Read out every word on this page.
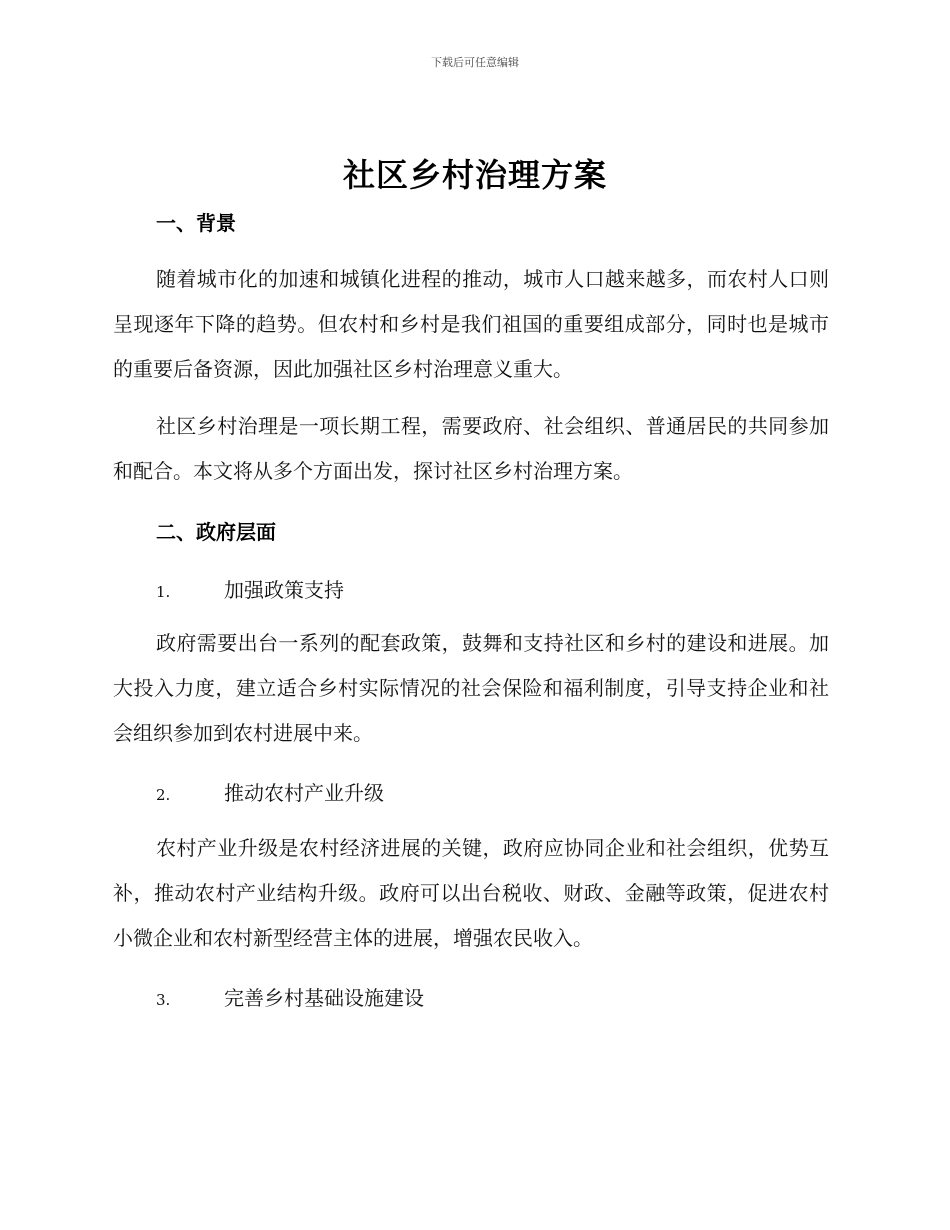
下载后可任意编辑
社区乡村治理方案
一、背景

随着城市化的加速和城镇化进程的推动，城市人口越来越多，而农村人口则呈现逐年下降的趋势。但农村和乡村是我们祖国的重要组成部分，同时也是城市的重要后备资源，因此加强社区乡村治理意义重大。

社区乡村治理是一项长期工程，需要政府、社会组织、普通居民的共同参加和配合。本文将从多个方面出发，探讨社区乡村治理方案。

二、政府层面
1.	加强政策支持

政府需要出台一系列的配套政策，鼓舞和支持社区和乡村的建设和进展。加大投入力度，建立适合乡村实际情况的社会保险和福利制度，引导支持企业和社会组织参加到农村进展中来。

2.	推动农村产业升级

农村产业升级是农村经济进展的关键，政府应协同企业和社会组织，优势互补，推动农村产业结构升级。政府可以出台税收、财政、金融等政策，促进农村小微企业和农村新型经营主体的进展，增强农民收入。

3.	完善乡村基础设施建设
